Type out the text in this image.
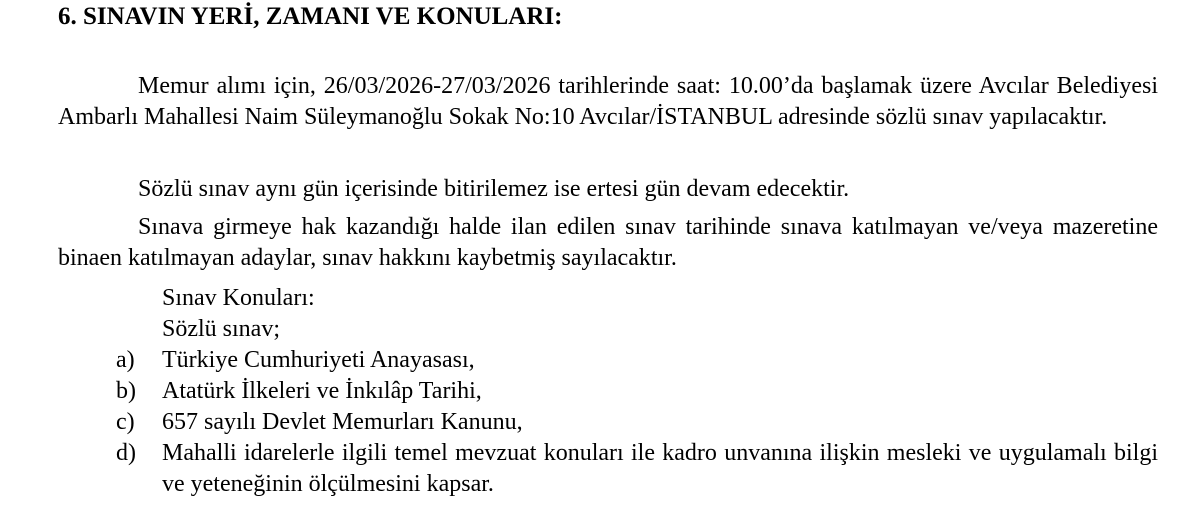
6. SINAVIN YERİ, ZAMANI VE KONULARI:
Memur alımı için, 26/03/2026-27/03/2026 tarihlerinde saat: 10.00’da başlamak üzere Avcılar Belediyesi Ambarlı Mahallesi Naim Süleymanoğlu Sokak No:10 Avcılar/İSTANBUL adresinde sözlü sınav yapılacaktır.
Sözlü sınav aynı gün içerisinde bitirilemez ise ertesi gün devam edecektir.
Sınava girmeye hak kazandığı halde ilan edilen sınav tarihinde sınava katılmayan ve/veya mazeretine binaen katılmayan adaylar, sınav hakkını kaybetmiş sayılacaktır.
Sınav Konuları:
Sözlü sınav;
a) Türkiye Cumhuriyeti Anayasası,
b) Atatürk İlkeleri ve İnkılâp Tarihi,
c) 657 sayılı Devlet Memurları Kanunu,
d) Mahalli idarelerle ilgili temel mevzuat konuları ile kadro unvanına ilişkin mesleki ve uygulamalı bilgi ve yeteneğinin ölçülmesini kapsar.
